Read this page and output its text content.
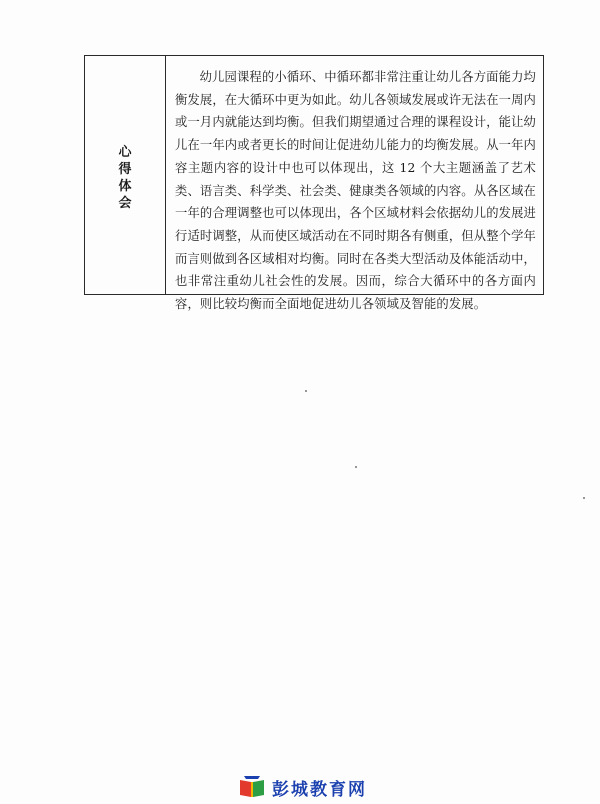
心得体会

幼儿园课程的小循环、中循环都非常注重让幼儿各方面能力均衡发展，在大循环中更为如此。幼儿各领域发展或许无法在一周内或一月内就能达到均衡。但我们期望通过合理的课程设计，能让幼儿在一年内或者更长的时间让促进幼儿能力的均衡发展。从一年内容主题内容的设计中也可以体现出，这 12 个大主题涵盖了艺术类、语言类、科学类、社会类、健康类各领域的内容。从各区域在一年的合理调整也可以体现出，各个区域材料会依据幼儿的发展进行适时调整，从而使区域活动在不同时期各有侧重，但从整个学年而言则做到各区域相对均衡。同时在各类大型活动及体能活动中，也非常注重幼儿社会性的发展。因而，综合大循环中的各方面内容，则比较均衡而全面地促进幼儿各领域及智能的发展。

彭城教育网
